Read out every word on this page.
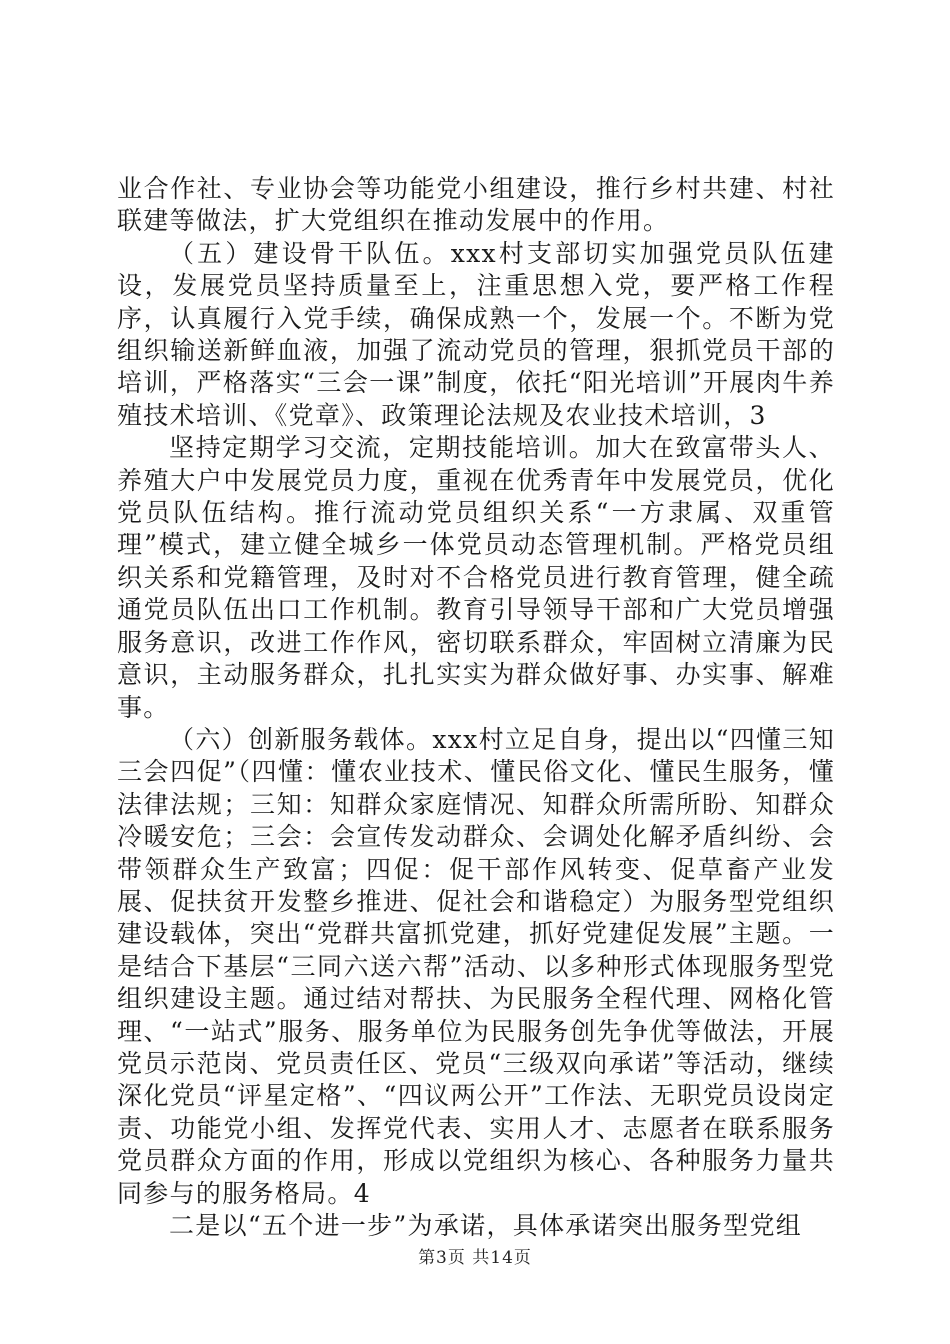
业合作社、专业协会等功能党小组建设，推行乡村共建、村社联建等做法，扩大党组织在推动发展中的作用。

（五）建设骨干队伍。xxx村支部切实加强党员队伍建设，发展党员坚持质量至上，注重思想入党，要严格工作程序，认真履行入党手续，确保成熟一个，发展一个。不断为党组织输送新鲜血液，加强了流动党员的管理，狠抓党员干部的培训，严格落实“三会一课”制度，依托“阳光培训”开展肉牛养殖技术培训、《党章》、政策理论法规及农业技术培训，3

坚持定期学习交流，定期技能培训。加大在致富带头人、养殖大户中发展党员力度，重视在优秀青年中发展党员，优化党员队伍结构。推行流动党员组织关系“一方隶属、双重管理”模式，建立健全城乡一体党员动态管理机制。严格党员组织关系和党籍管理，及时对不合格党员进行教育管理，健全疏通党员队伍出口工作机制。教育引导领导干部和广大党员增强服务意识，改进工作作风，密切联系群众，牢固树立清廉为民意识，主动服务群众，扎扎实实为群众做好事、办实事、解难事。

（六）创新服务载体。xxx村立足自身，提出以“四懂三知三会四促”（四懂：懂农业技术、懂民俗文化、懂民生服务，懂法律法规；三知：知群众家庭情况、知群众所需所盼、知群众冷暖安危；三会：会宣传发动群众、会调处化解矛盾纠纷、会带领群众生产致富；四促：促干部作风转变、促草畜产业发展、促扶贫开发整乡推进、促社会和谐稳定）为服务型党组织建设载体，突出“党群共富抓党建，抓好党建促发展”主题。一是结合下基层“三同六送六帮”活动、以多种形式体现服务型党组织建设主题。通过结对帮扶、为民服务全程代理、网格化管理、“一站式”服务、服务单位为民服务创先争优等做法，开展党员示范岗、党员责任区、党员“三级双向承诺”等活动，继续深化党员“评星定格”、“四议两公开”工作法、无职党员设岗定责、功能党小组、发挥党代表、实用人才、志愿者在联系服务党员群众方面的作用，形成以党组织为核心、各种服务力量共同参与的服务格局。4

二是以“五个进一步”为承诺，具体承诺突出服务型党组

第3页 共14页
